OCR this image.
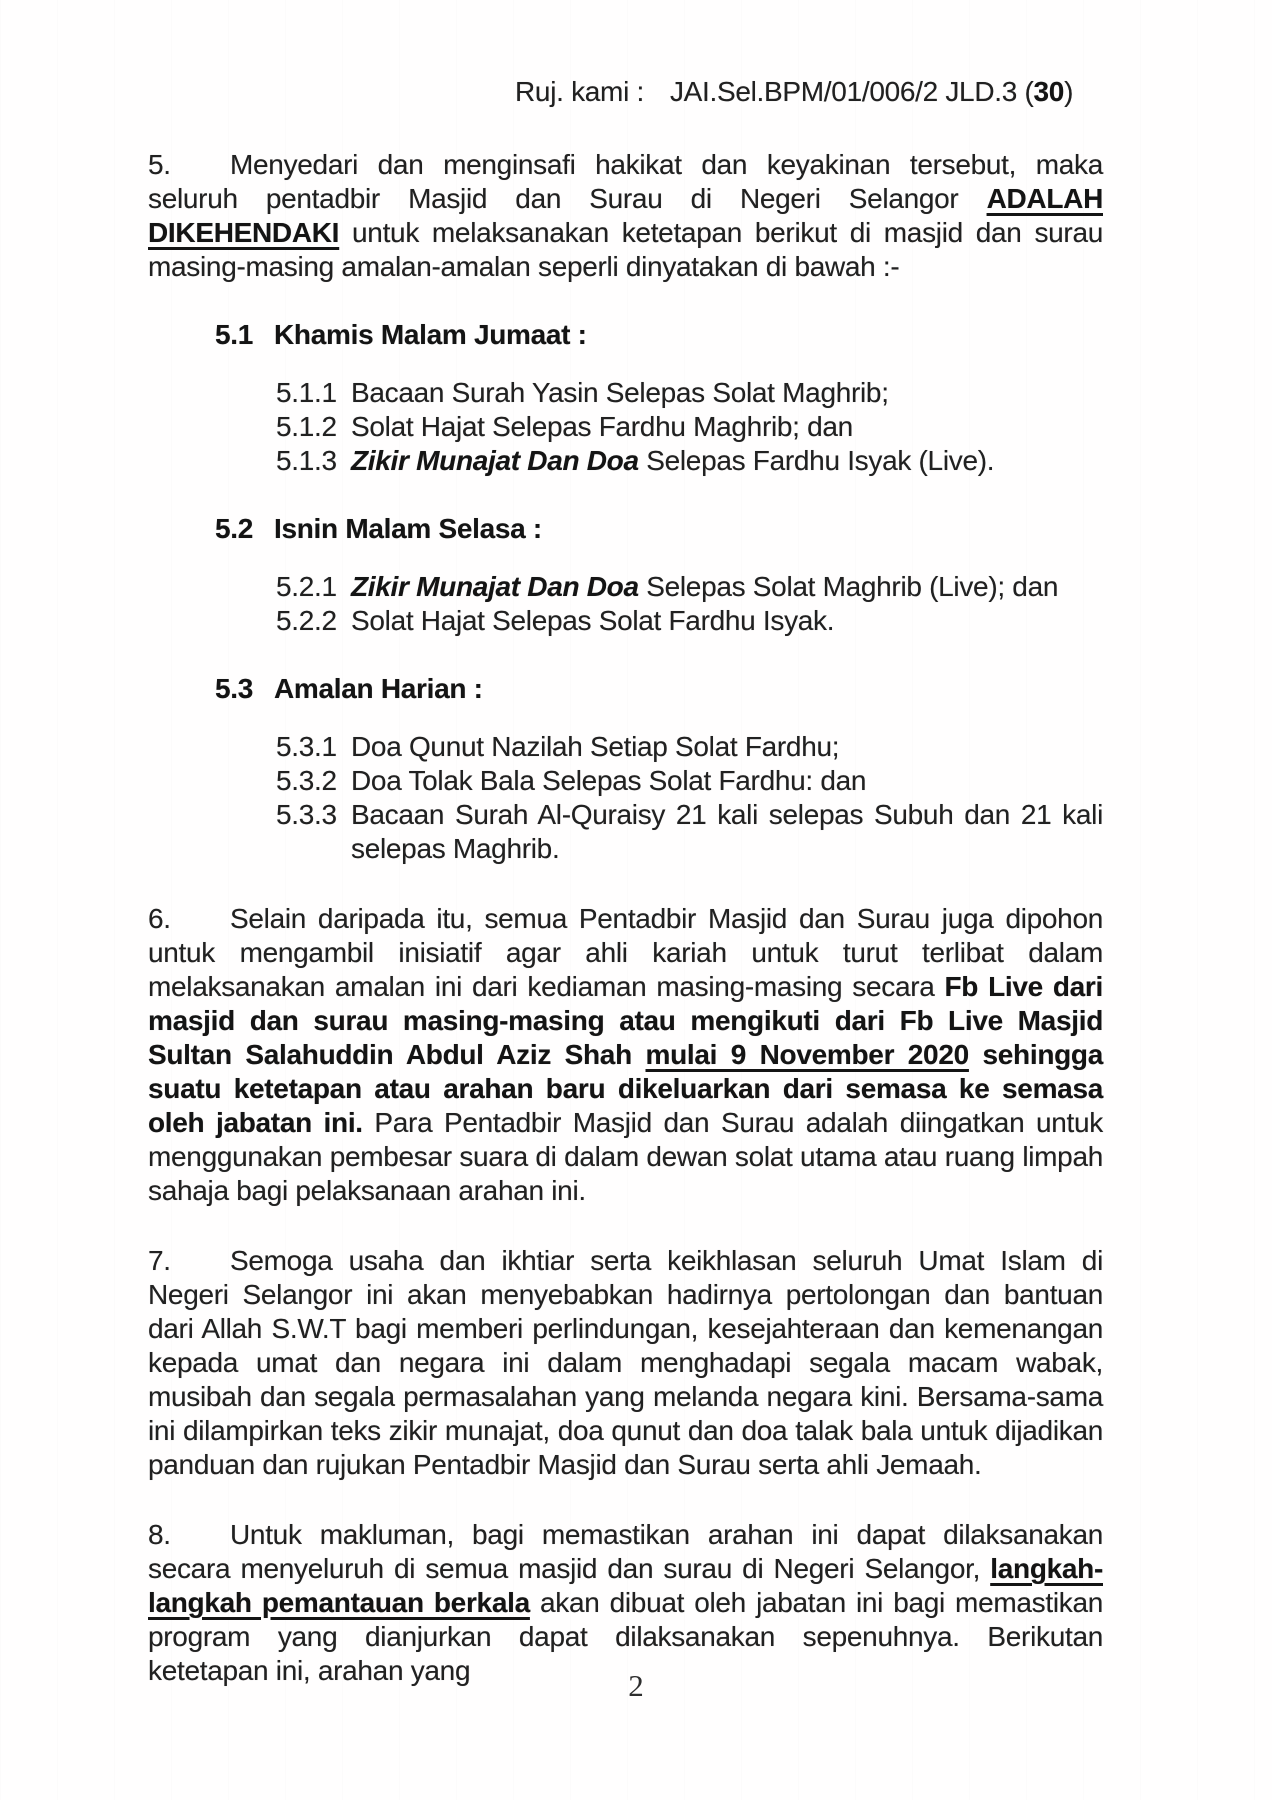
Ruj. kami : JAI.Sel.BPM/01/006/2 JLD.3 (30)

5. Menyedari dan menginsafi hakikat dan keyakinan tersebut, maka seluruh pentadbir Masjid dan Surau di Negeri Selangor ADALAH DIKEHENDAKI untuk melaksanakan ketetapan berikut di masjid dan surau masing-masing amalan-amalan seperli dinyatakan di bawah :-

5.1 Khamis Malam Jumaat :
5.1.1 Bacaan Surah Yasin Selepas Solat Maghrib;
5.1.2 Solat Hajat Selepas Fardhu Maghrib; dan
5.1.3 Zikir Munajat Dan Doa Selepas Fardhu Isyak (Live).
5.2 Isnin Malam Selasa :
5.2.1 Zikir Munajat Dan Doa Selepas Solat Maghrib (Live); dan
5.2.2 Solat Hajat Selepas Solat Fardhu Isyak.
5.3 Amalan Harian :
5.3.1 Doa Qunut Nazilah Setiap Solat Fardhu;
5.3.2 Doa Tolak Bala Selepas Solat Fardhu: dan
5.3.3 Bacaan Surah Al-Quraisy 21 kali selepas Subuh dan 21 kali selepas Maghrib.

6. Selain daripada itu, semua Pentadbir Masjid dan Surau juga dipohon untuk mengambil inisiatif agar ahli kariah untuk turut terlibat dalam melaksanakan amalan ini dari kediaman masing-masing secara Fb Live dari masjid dan surau masing-masing atau mengikuti dari Fb Live Masjid Sultan Salahuddin Abdul Aziz Shah mulai 9 November 2020 sehingga suatu ketetapan atau arahan baru dikeluarkan dari semasa ke semasa oleh jabatan ini. Para Pentadbir Masjid dan Surau adalah diingatkan untuk menggunakan pembesar suara di dalam dewan solat utama atau ruang limpah sahaja bagi pelaksanaan arahan ini.

7. Semoga usaha dan ikhtiar serta keikhlasan seluruh Umat Islam di Negeri Selangor ini akan menyebabkan hadirnya pertolongan dan bantuan dari Allah S.W.T bagi memberi perlindungan, kesejahteraan dan kemenangan kepada umat dan negara ini dalam menghadapi segala macam wabak, musibah dan segala permasalahan yang melanda negara kini. Bersama-sama ini dilampirkan teks zikir munajat, doa qunut dan doa talak bala untuk dijadikan panduan dan rujukan Pentadbir Masjid dan Surau serta ahli Jemaah.

8. Untuk makluman, bagi memastikan arahan ini dapat dilaksanakan secara menyeluruh di semua masjid dan surau di Negeri Selangor, langkah-langkah pemantauan berkala akan dibuat oleh jabatan ini bagi memastikan program yang dianjurkan dapat dilaksanakan sepenuhnya. Berikutan ketetapan ini, arahan yang	2
